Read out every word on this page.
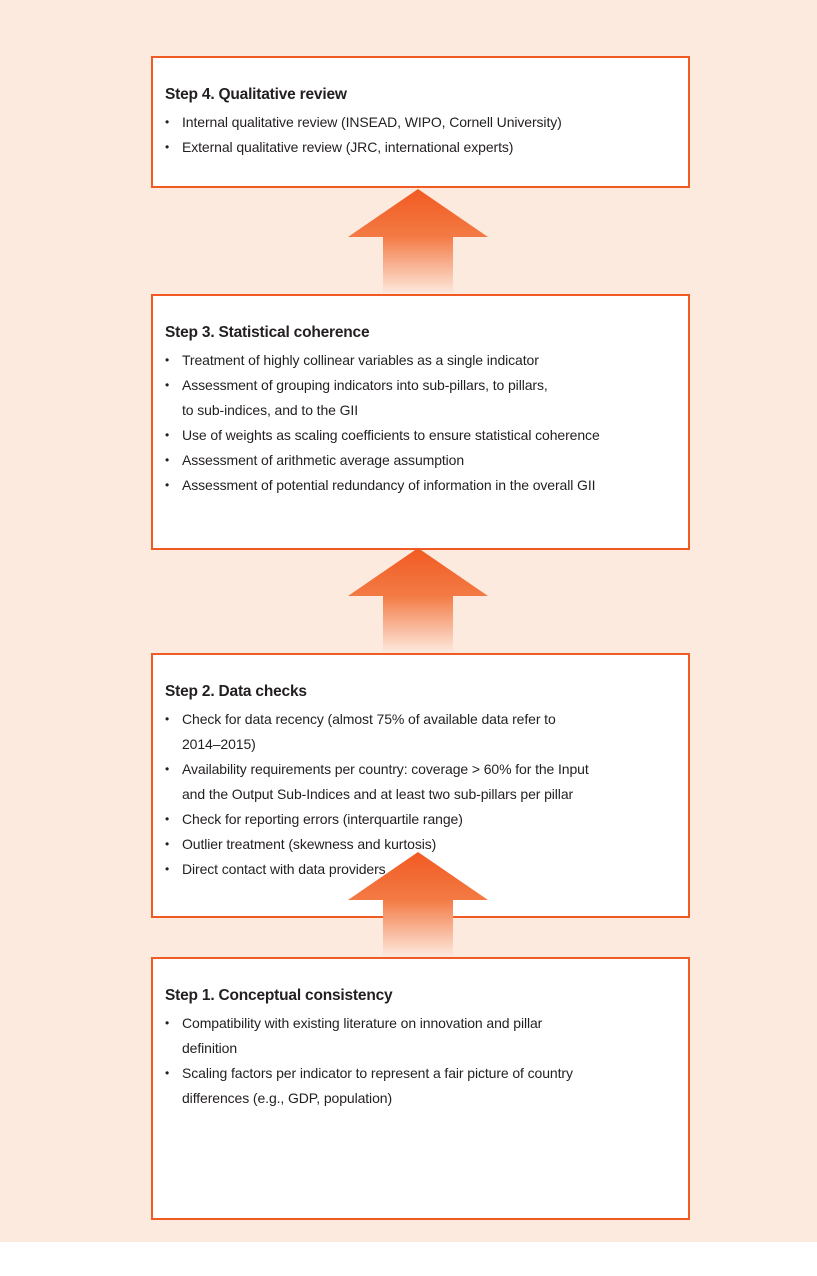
Step 4. Qualitative review
• Internal qualitative review (INSEAD, WIPO, Cornell University)
• External qualitative review (JRC, international experts)
Step 3. Statistical coherence
• Treatment of highly collinear variables as a single indicator
• Assessment of grouping indicators into sub-pillars, to pillars,
to sub-indices, and to the GII
• Use of weights as scaling coefficients to ensure statistical coherence
• Assessment of arithmetic average assumption
• Assessment of potential redundancy of information in the overall GII
Step 2. Data checks
• Check for data recency (almost 75% of available data refer to
2014–2015)
• Availability requirements per country: coverage > 60% for the Input
and the Output Sub-Indices and at least two sub-pillars per pillar
• Check for reporting errors (interquartile range)
• Outlier treatment (skewness and kurtosis)
• Direct contact with data providers
Step 1. Conceptual consistency
• Compatibility with existing literature on innovation and pillar
definition
• Scaling factors per indicator to represent a fair picture of country
differences (e.g., GDP, population)
